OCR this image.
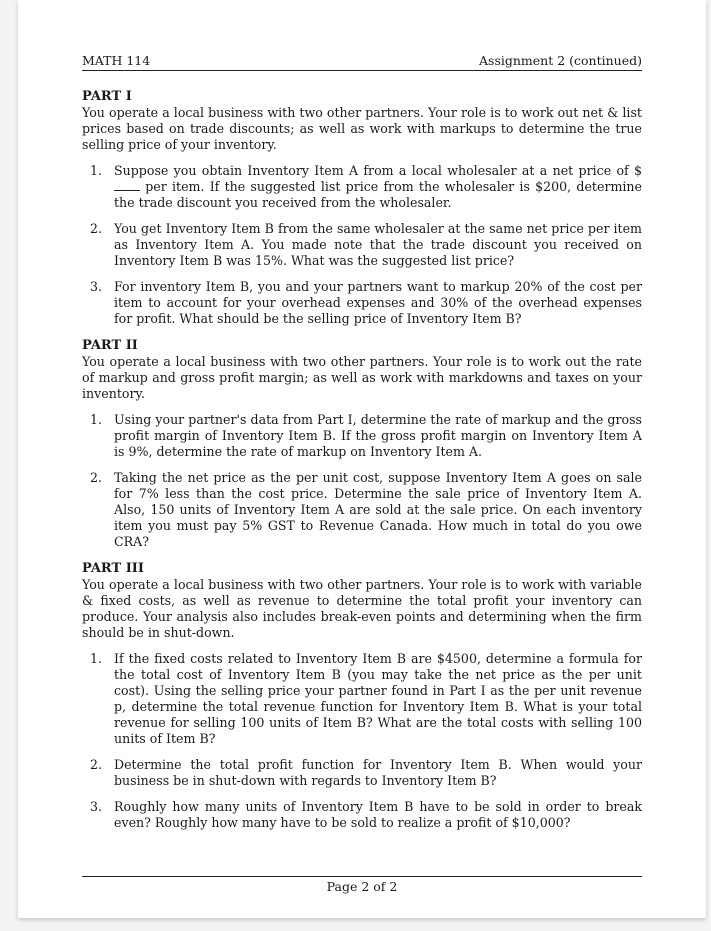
MATH 114	Assignment 2 (continued)

PART I

You operate a local business with two other partners. Your role is to work out net & list prices based on trade discounts; as well as work with markups to determine the true selling price of your inventory.

1. Suppose you obtain Inventory Item A from a local wholesaler at a net price of $ per item. If the suggested list price from the wholesaler is $200, determine the trade discount you received from the wholesaler.
2. You get Inventory Item B from the same wholesaler at the same net price per item as Inventory Item A. You made note that the trade discount you received on Inventory Item B was 15%. What was the suggested list price?
3. For inventory Item B, you and your partners want to markup 20% of the cost per item to account for your overhead expenses and 30% of the overhead expenses for profit. What should be the selling price of Inventory Item B?

PART II

You operate a local business with two other partners. Your role is to work out the rate of markup and gross profit margin; as well as work with markdowns and taxes on your inventory.

1. Using your partner's data from Part I, determine the rate of markup and the gross profit margin of Inventory Item B. If the gross profit margin on Inventory Item A is 9%, determine the rate of markup on Inventory Item A.
2. Taking the net price as the per unit cost, suppose Inventory Item A goes on sale for 7% less than the cost price. Determine the sale price of Inventory Item A. Also, 150 units of Inventory Item A are sold at the sale price. On each inventory item you must pay 5% GST to Revenue Canada. How much in total do you owe CRA?

PART III

You operate a local business with two other partners. Your role is to work with variable & fixed costs, as well as revenue to determine the total profit your inventory can produce. Your analysis also includes break-even points and determining when the firm should be in shut-down.

1. If the fixed costs related to Inventory Item B are $4500, determine a formula for the total cost of Inventory Item B (you may take the net price as the per unit cost). Using the selling price your partner found in Part I as the per unit revenue p, determine the total revenue function for Inventory Item B. What is your total revenue for selling 100 units of Item B? What are the total costs with selling 100 units of Item B?
2. Determine the total profit function for Inventory Item B. When would your business be in shut-down with regards to Inventory Item B?
3. Roughly how many units of Inventory Item B have to be sold in order to break even? Roughly how many have to be sold to realize a profit of $10,000?
Page 2 of 2
